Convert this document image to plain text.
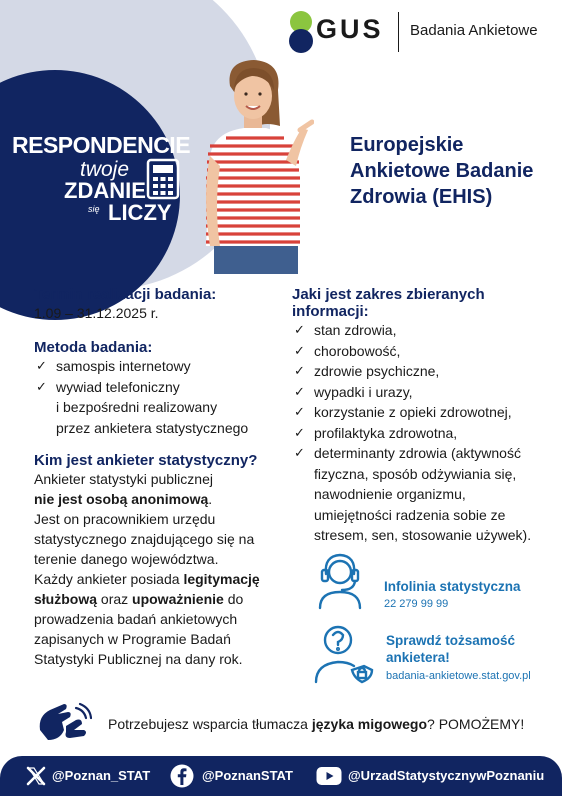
GUS Badania Ankietowe
RESPONDENCIE
twoje
ZDANIE
się LICZY
Europejskie
Ankietowe Badanie
Zdrowia (EHIS)
Termin realizacji badania:
1.09 – 31.12.2025 r.
Metoda badania:
✓ samospis internetowy
✓ wywiad telefoniczny
i bezpośredni realizowany
przez ankietera statystycznego
Kim jest ankieter statystyczny?
Ankieter statystyki publicznej
nie jest osobą anonimową.
Jest on pracownikiem urzędu
statystycznego znajdującego się na
terenie danego województwa.
Każdy ankieter posiada legitymację
służbową oraz upoważnienie do
prowadzenia badań ankietowych
zapisanych w Programie Badań
Statystyki Publicznej na dany rok.
Jaki jest zakres zbieranych informacji:
✓ stan zdrowia,
✓ chorobowość,
✓ zdrowie psychiczne,
✓ wypadki i urazy,
✓ korzystanie z opieki zdrowotnej,
✓ profilaktyka zdrowotna,
✓ determinanty zdrowia (aktywność
fizyczna, sposób odżywiania się,
nawodnienie organizmu,
umiejętności radzenia sobie ze
stresem, sen, stosowanie używek).
Infolinia statystyczna
22 279 99 99
Sprawdź tożsamość
ankietera!
badania-ankietowe.stat.gov.pl
Potrzebujesz wsparcia tłumacza języka migowego? POMOŻEMY!
@Poznan_STAT	@PoznanSTAT	@UrzadStatystycznywPoznaniu
